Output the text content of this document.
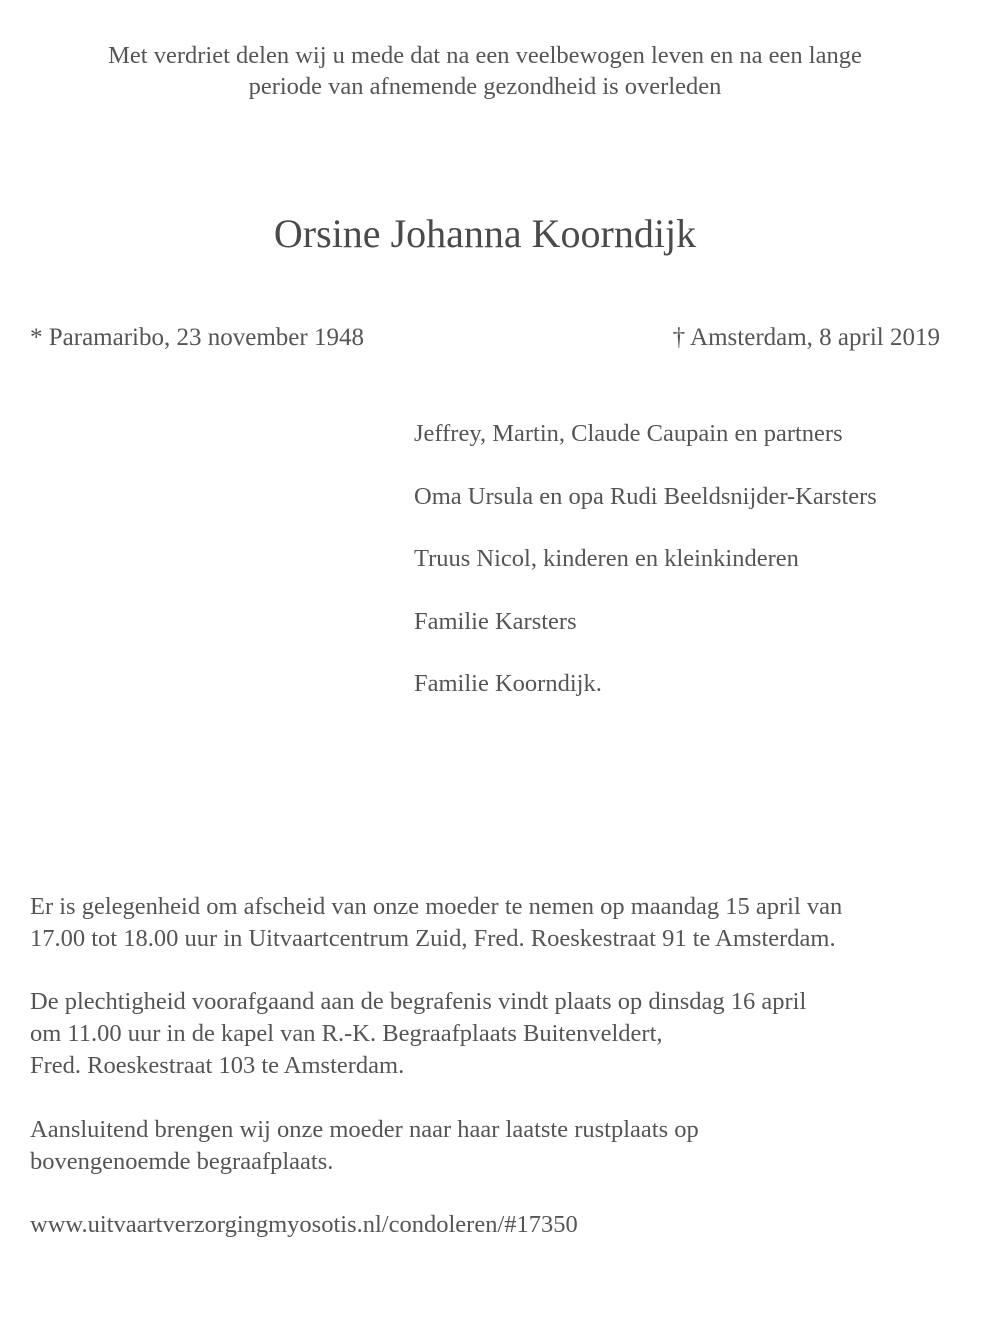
Met verdriet delen wij u mede dat na een veelbewogen leven en na een lange
periode van afnemende gezondheid is overleden
Orsine Johanna Koorndijk
* Paramaribo, 23 november 1948	† Amsterdam, 8 april 2019
Jeffrey, Martin, Claude Caupain en partners
Oma Ursula en opa Rudi Beeldsnijder-Karsters
Truus Nicol, kinderen en kleinkinderen
Familie Karsters
Familie Koorndijk.
Er is gelegenheid om afscheid van onze moeder te nemen op maandag 15 april van
17.00 tot 18.00 uur in Uitvaartcentrum Zuid, Fred. Roeskestraat 91 te Amsterdam.
De plechtigheid voorafgaand aan de begrafenis vindt plaats op dinsdag 16 april
om 11.00 uur in de kapel van R.-K. Begraafplaats Buitenveldert,
Fred. Roeskestraat 103 te Amsterdam.
Aansluitend brengen wij onze moeder naar haar laatste rustplaats op
bovengenoemde begraafplaats.
www.uitvaartverzorgingmyosotis.nl/condoleren/#17350
